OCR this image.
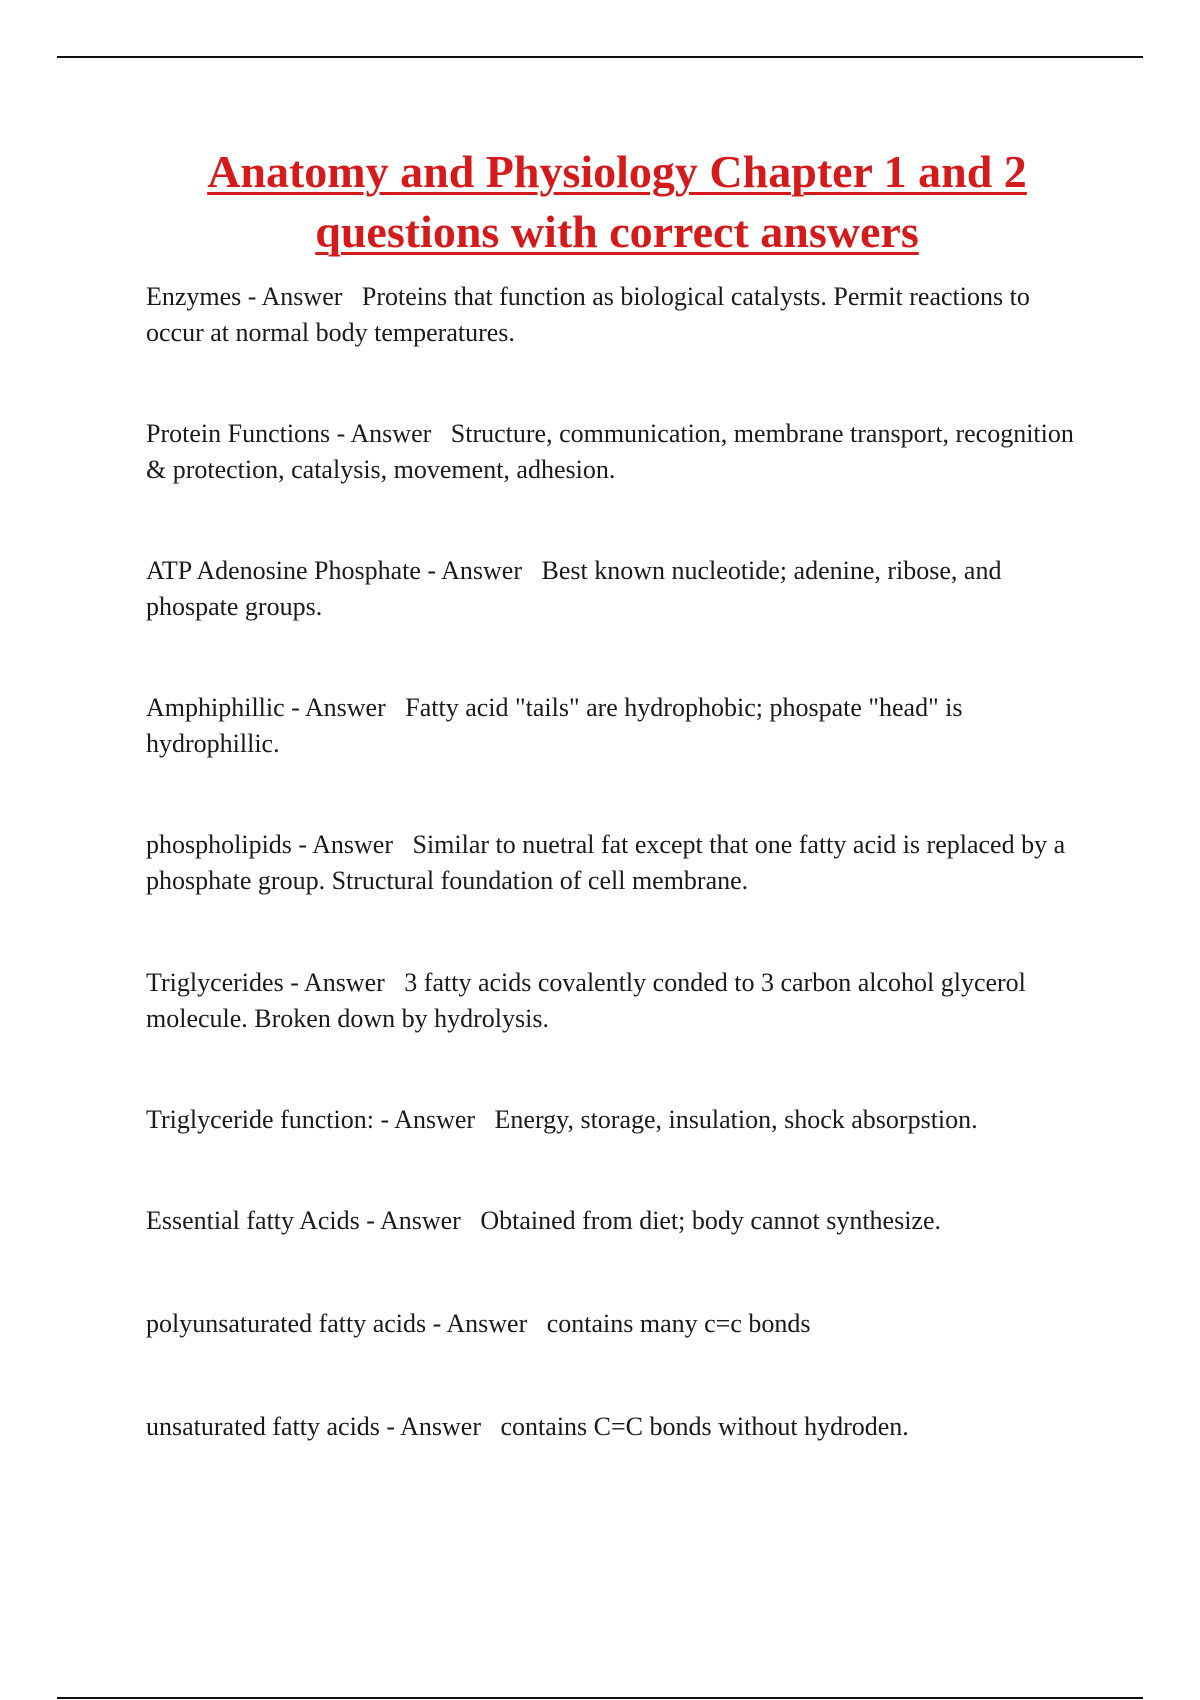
Anatomy and Physiology Chapter 1 and 2
questions with correct answers
Enzymes - Answer Proteins that function as biological catalysts. Permit reactions to occur at normal body temperatures.
Protein Functions - Answer Structure, communication, membrane transport, recognition & protection, catalysis, movement, adhesion.
ATP Adenosine Phosphate - Answer Best known nucleotide; adenine, ribose, and phospate groups.
Amphiphillic - Answer Fatty acid "tails" are hydrophobic; phospate "head" is hydrophillic.
phospholipids - Answer Similar to nuetral fat except that one fatty acid is replaced by a phosphate group. Structural foundation of cell membrane.
Triglycerides - Answer 3 fatty acids covalently conded to 3 carbon alcohol glycerol molecule. Broken down by hydrolysis.
Triglyceride function: - Answer Energy, storage, insulation, shock absorpstion.
Essential fatty Acids - Answer Obtained from diet; body cannot synthesize.
polyunsaturated fatty acids - Answer contains many c=c bonds
unsaturated fatty acids - Answer contains C=C bonds without hydroden.
